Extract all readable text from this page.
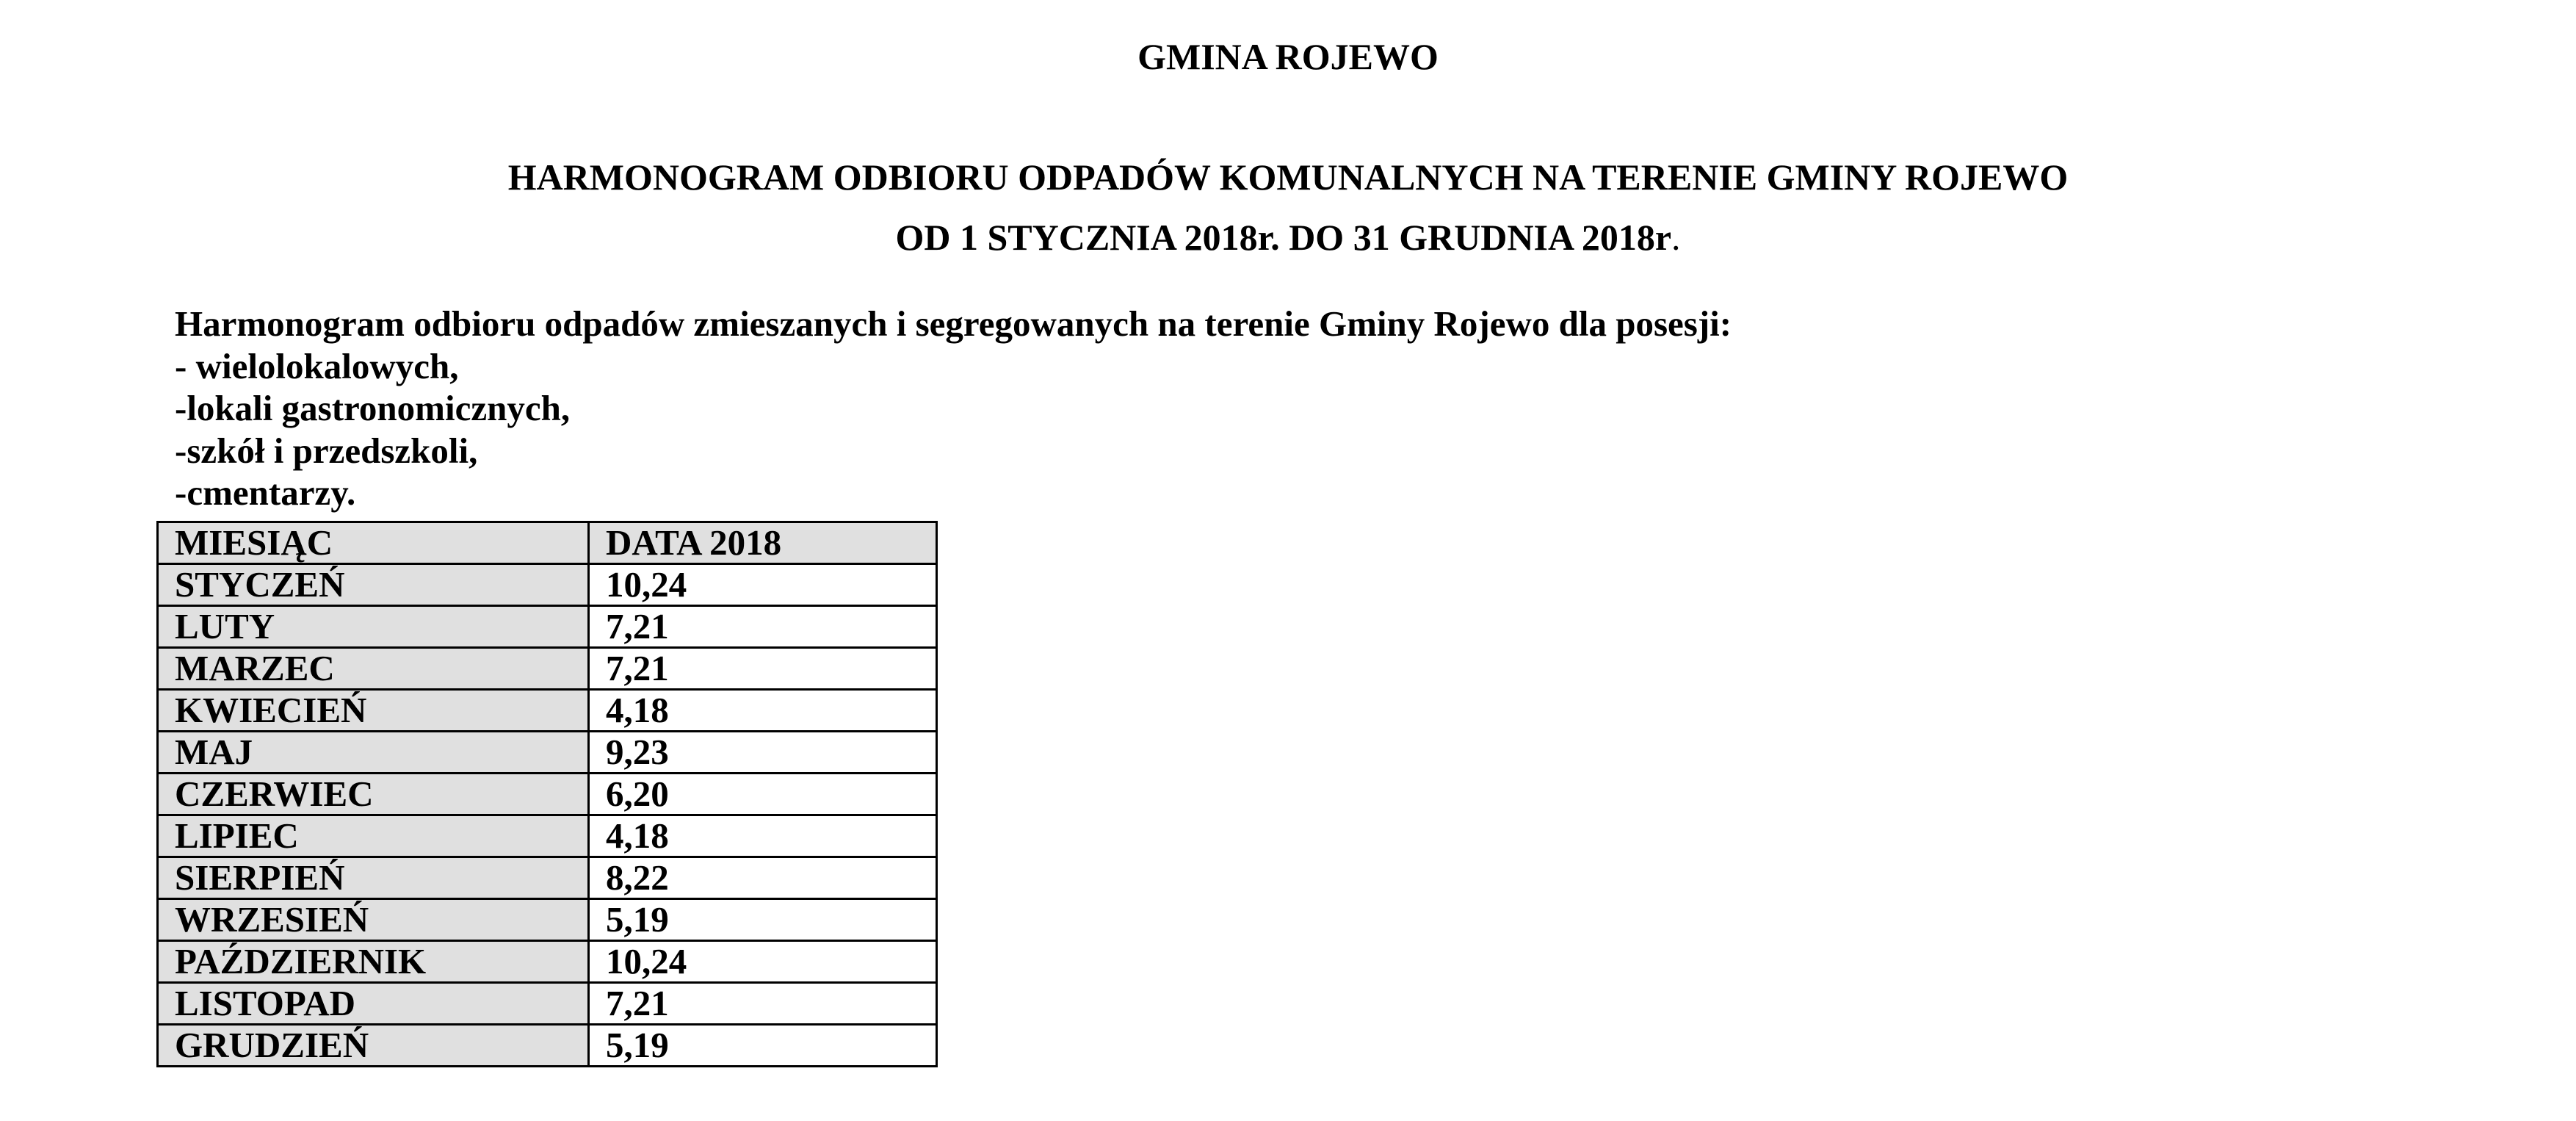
GMINA ROJEWO
HARMONOGRAM ODBIORU ODPADÓW KOMUNALNYCH NA TERENIE GMINY ROJEWO
OD 1 STYCZNIA 2018r. DO 31 GRUDNIA 2018r.
Harmonogram odbioru odpadów zmieszanych i segregowanych na terenie Gminy Rojewo dla posesji:
- wielolokalowych,
-lokali gastronomicznych,
-szkół i przedszkoli,
-cmentarzy.
MIESIĄC	DATA 2018
STYCZEŃ	10,24
LUTY	7,21
MARZEC	7,21
KWIECIEŃ	4,18
MAJ	9,23
CZERWIEC	6,20
LIPIEC	4,18
SIERPIEŃ	8,22
WRZESIEŃ	5,19
PAŹDZIERNIK	10,24
LISTOPAD	7,21
GRUDZIEŃ	5,19
